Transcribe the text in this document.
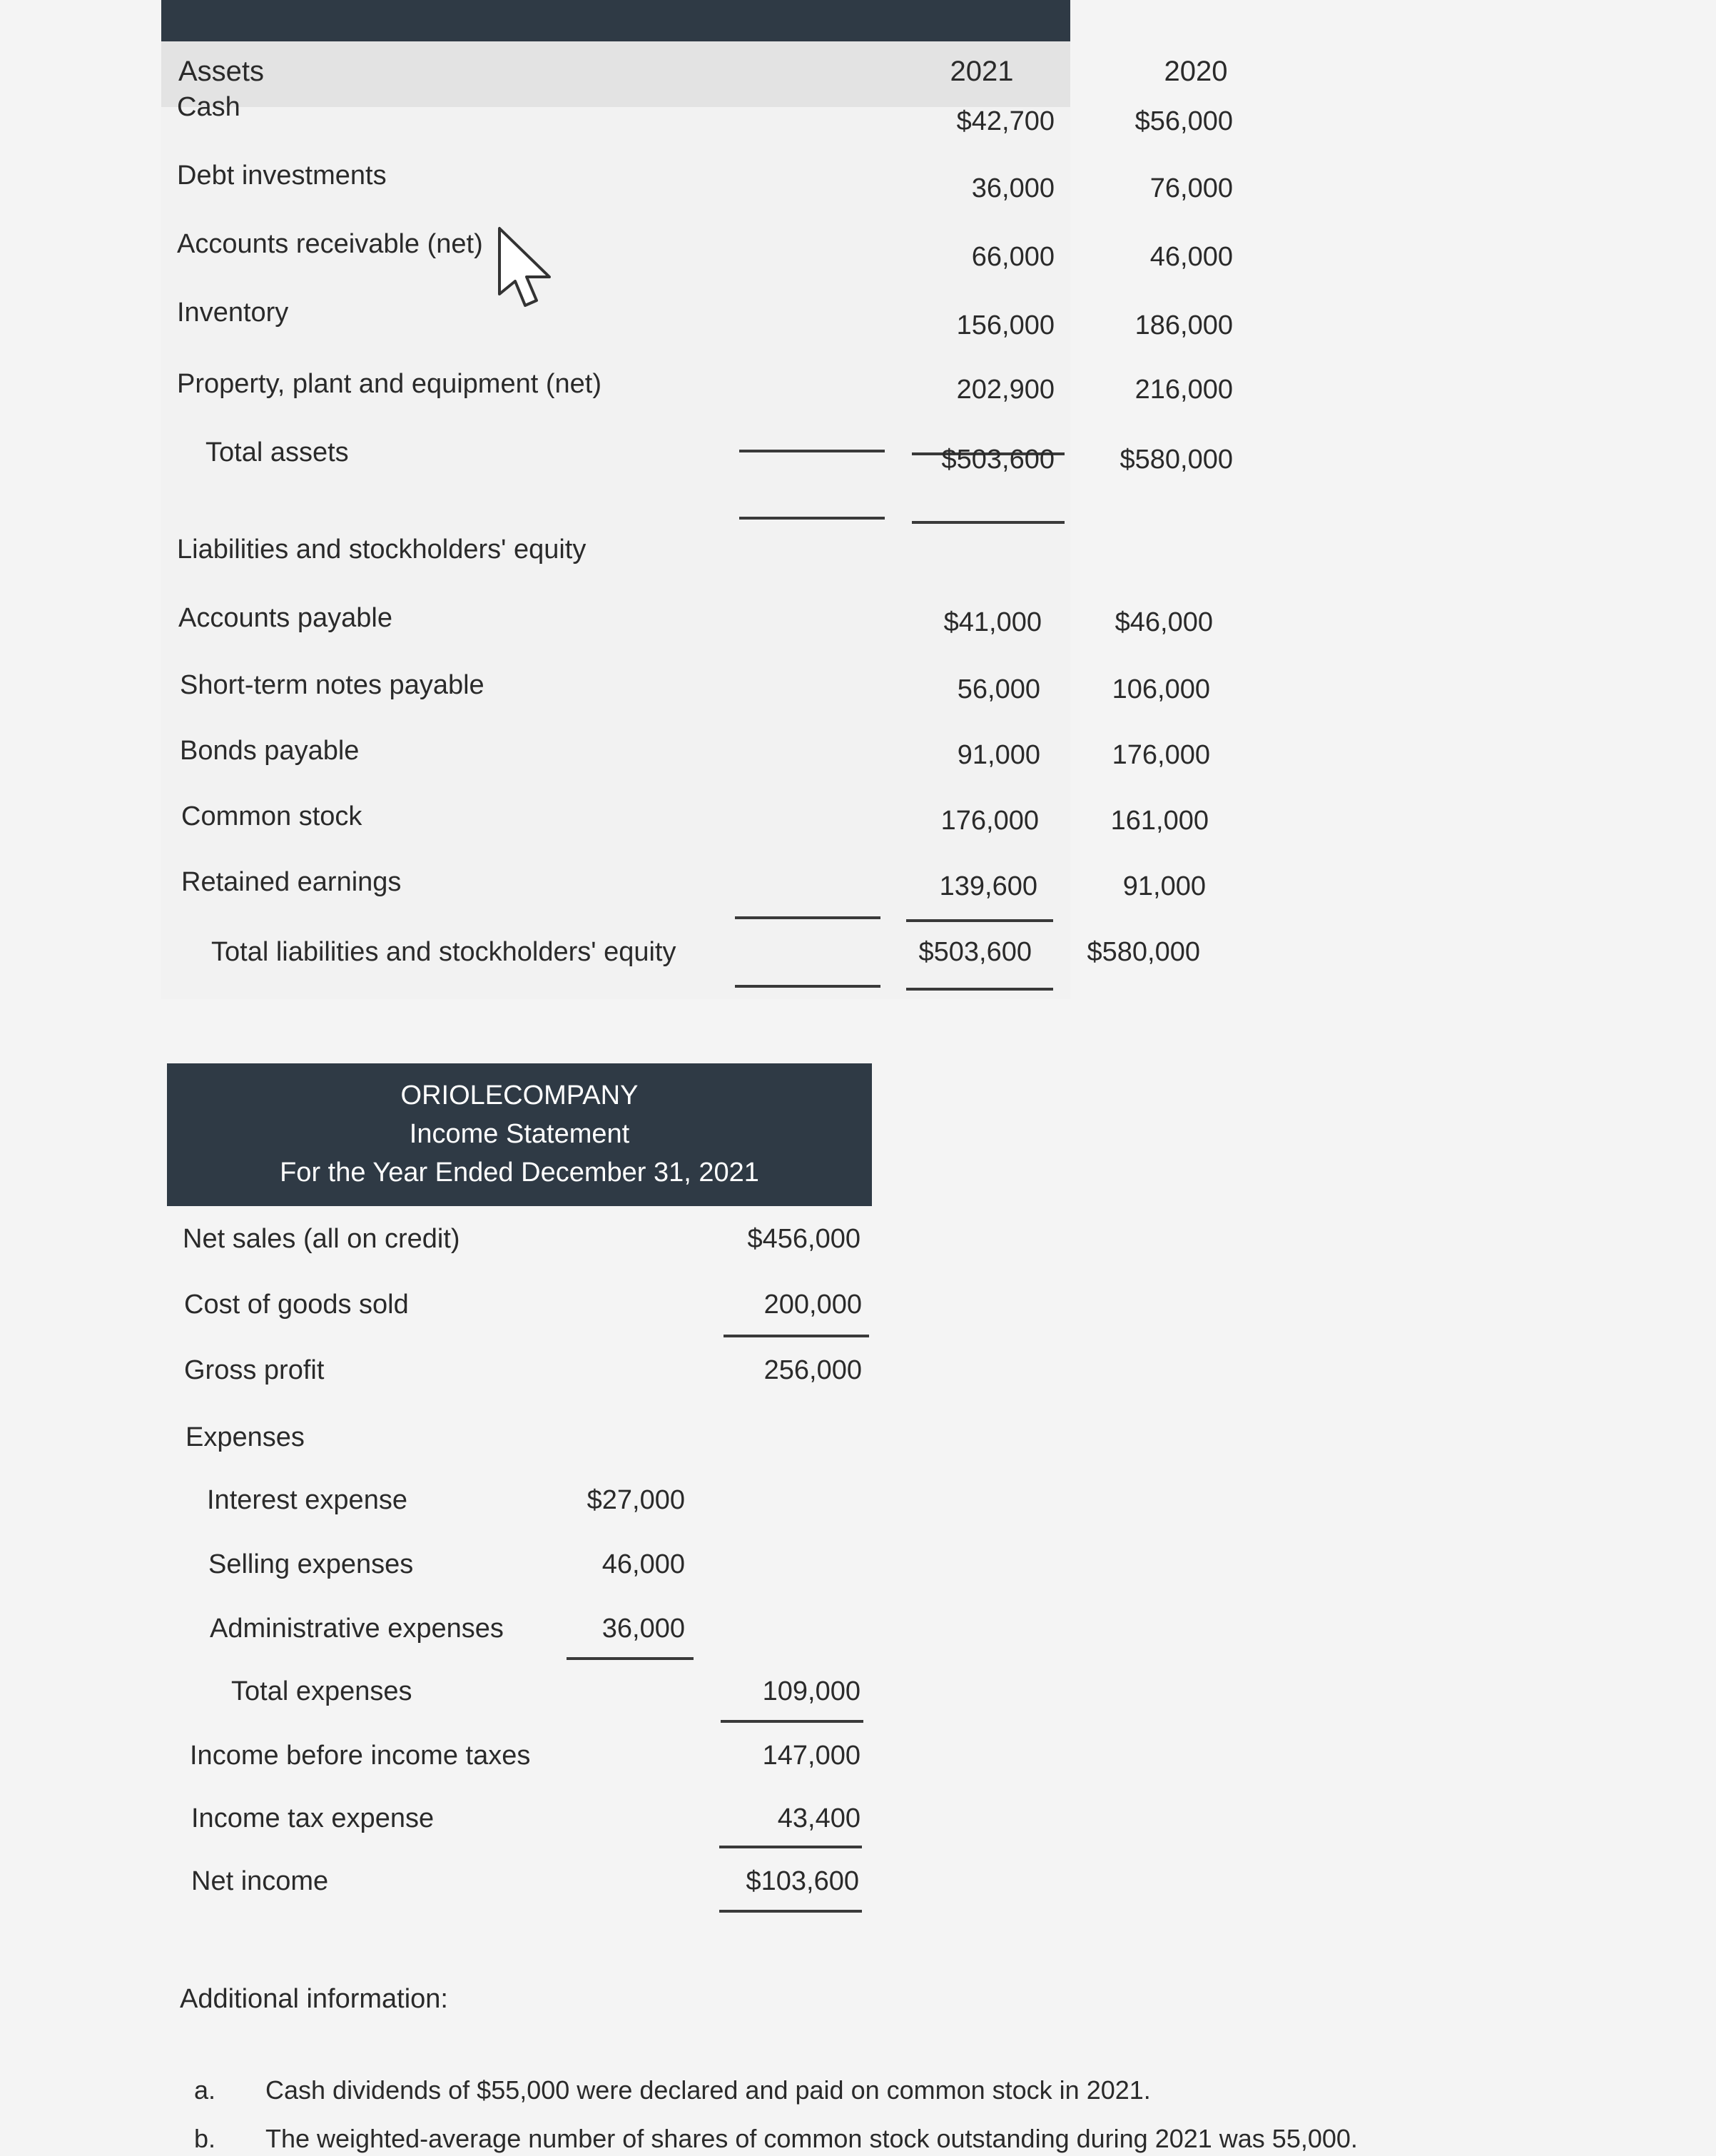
Assets	2021	2020
Cash	$42,700	$56,000
Debt investments	36,000	76,000
Accounts receivable (net)	66,000	46,000
Inventory	156,000	186,000
Property, plant and equipment (net)	202,900	216,000
Total assets	$503,600	$580,000
Liabilities and stockholders' equity
Accounts payable	$41,000	$46,000
Short-term notes payable	56,000	106,000
Bonds payable	91,000	176,000
Common stock	176,000	161,000
Retained earnings	139,600	91,000
Total liabilities and stockholders' equity	$503,600	$580,000
ORIOLECOMPANY
Income Statement
For the Year Ended December 31, 2021
Net sales (all on credit)	$456,000
Cost of goods sold	200,000
Gross profit	256,000
Expenses
Interest expense	$27,000
Selling expenses	46,000
Administrative expenses	36,000
Total expenses	109,000
Income before income taxes	147,000
Income tax expense	43,400
Net income	$103,600
Additional information:
a. Cash dividends of $55,000 were declared and paid on common stock in 2021.
b. The weighted-average number of shares of common stock outstanding during 2021 was 55,000.
